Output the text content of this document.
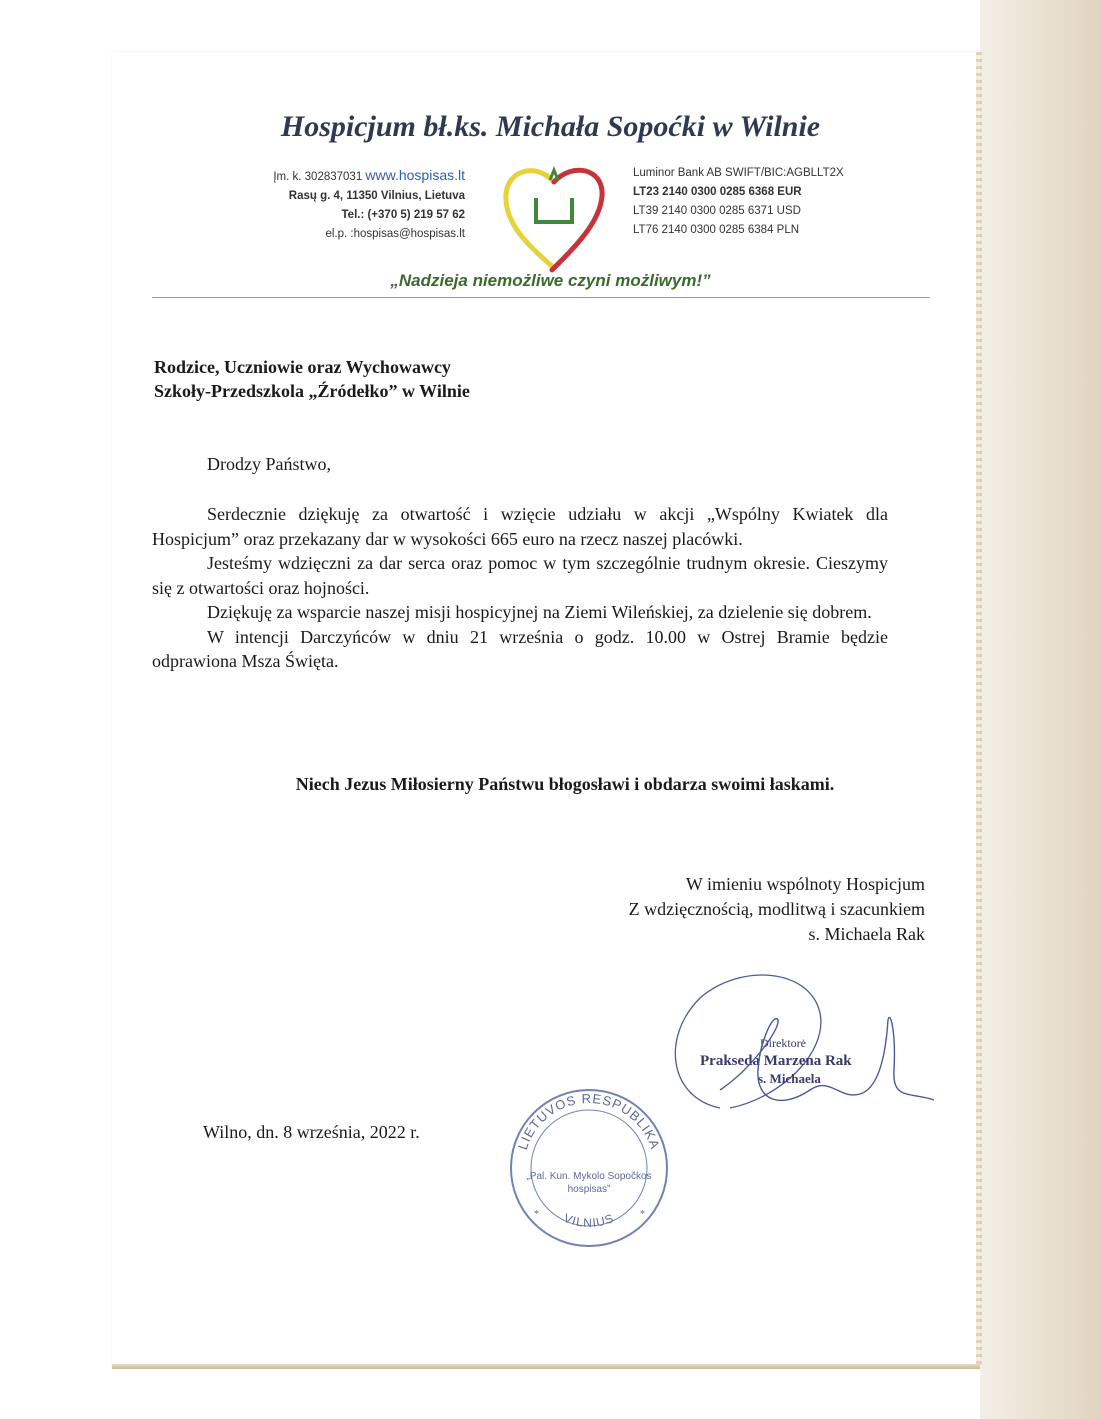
Hospicjum bł.ks. Michała Sopoćki w Wilnie
Įm. k. 302837031 www.hospisas.lt
Rasų g. 4, 11350 Vilnius, Lietuva
Tel.: (+370 5) 219 57 62
el.p. :hospisas@hospisas.lt
Luminor Bank AB SWIFT/BIC:AGBLLT2X
LT23 2140 0300 0285 6368 EUR
LT39 2140 0300 0285 6371 USD
LT76 2140 0300 0285 6384 PLN
„Nadzieja niemożliwe czyni możliwym!”
Rodzice, Uczniowie oraz Wychowawcy
Szkoły-Przedszkola „Źródełko” w Wilnie
Drodzy Państwo,

Serdecznie dziękuję za otwartość i wzięcie udziału w akcji „Wspólny Kwiatek dla Hospicjum” oraz przekazany dar w wysokości 665 euro na rzecz naszej placówki.

Jesteśmy wdzięczni za dar serca oraz pomoc w tym szczególnie trudnym okresie. Cieszymy się z otwartości oraz hojności.

Dziękuję za wsparcie naszej misji hospicyjnej na Ziemi Wileńskiej, za dzielenie się dobrem.

W intencji Darczyńców w dniu 21 września o godz. 10.00 w Ostrej Bramie będzie odprawiona Msza Święta.

Niech Jezus Miłosierny Państwu błogosławi i obdarza swoimi łaskami.
W imieniu wspólnoty Hospicjum
Z wdzięcznością, modlitwą i szacunkiem
s. Michaela Rak
Direktorė
Prakseda Marzena Rak
s. Michaela
Wilno, dn. 8 września, 2022 r.
LIETUVOS RESPUBLIKA
VILNIUS
*	*
„Pal. Kun. Mykolo Sopočkos
hospisas”
